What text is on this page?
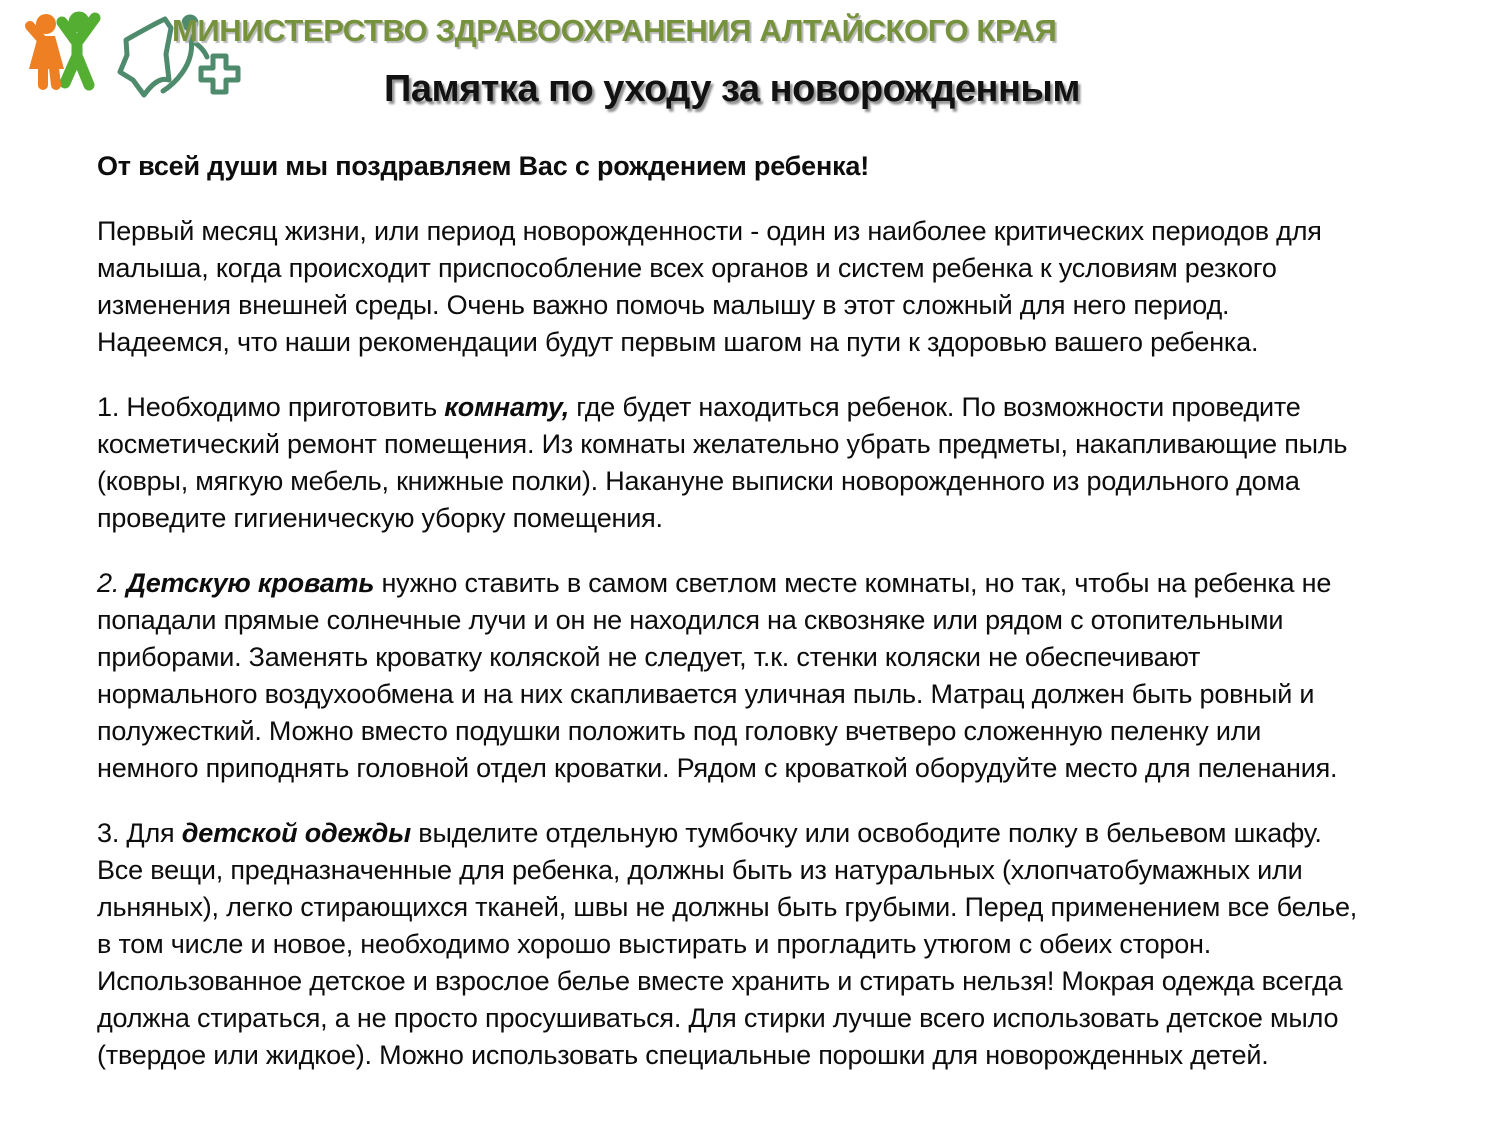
МИНИСТЕРСТВО ЗДРАВООХРАНЕНИЯ АЛТАЙСКОГО КРАЯ
Памятка по уходу за новорожденным

От всей души мы поздравляем Вас с рождением ребенка!

Первый месяц жизни, или период новорожденности - один из наиболее критических периодов для малыша, когда происходит приспособление всех органов и систем ребенка к условиям резкого изменения внешней среды. Очень важно помочь малышу в этот сложный для него период. Надеемся, что наши рекомендации будут первым шагом на пути к здоровью вашего ребенка.

1. Необходимо приготовить комнату, где будет находиться ребенок. По возможности проведите косметический ремонт помещения. Из комнаты желательно убрать предметы, накапливающие пыль (ковры, мягкую мебель, книжные полки). Накануне выписки новорожденного из родильного дома проведите гигиеническую уборку помещения.

2. Детскую кровать нужно ставить в самом светлом месте комнаты, но так, чтобы на ребенка не попадали прямые солнечные лучи и он не находился на сквозняке или рядом с отопительными приборами. Заменять кроватку коляской не следует, т.к. стенки коляски не обеспечивают нормального воздухообмена и на них скапливается уличная пыль. Матрац должен быть ровный и полужесткий. Можно вместо подушки положить под головку вчетверо сложенную пеленку или немного приподнять головной отдел кроватки. Рядом с кроваткой оборудуйте место для пеленания.

3. Для детской одежды выделите отдельную тумбочку или освободите полку в бельевом шкафу. Все вещи, предназначенные для ребенка, должны быть из натуральных (хлопчатобумажных или льняных), легко стирающихся тканей, швы не должны быть грубыми. Перед применением все белье, в том числе и новое, необходимо хорошо выстирать и прогладить утюгом с обеих сторон. Использованное детское и взрослое белье вместе хранить и стирать нельзя! Мокрая одежда всегда должна стираться, а не просто просушиваться. Для стирки лучше всего использовать детское мыло (твердое или жидкое). Можно использовать специальные порошки для новорожденных детей.
